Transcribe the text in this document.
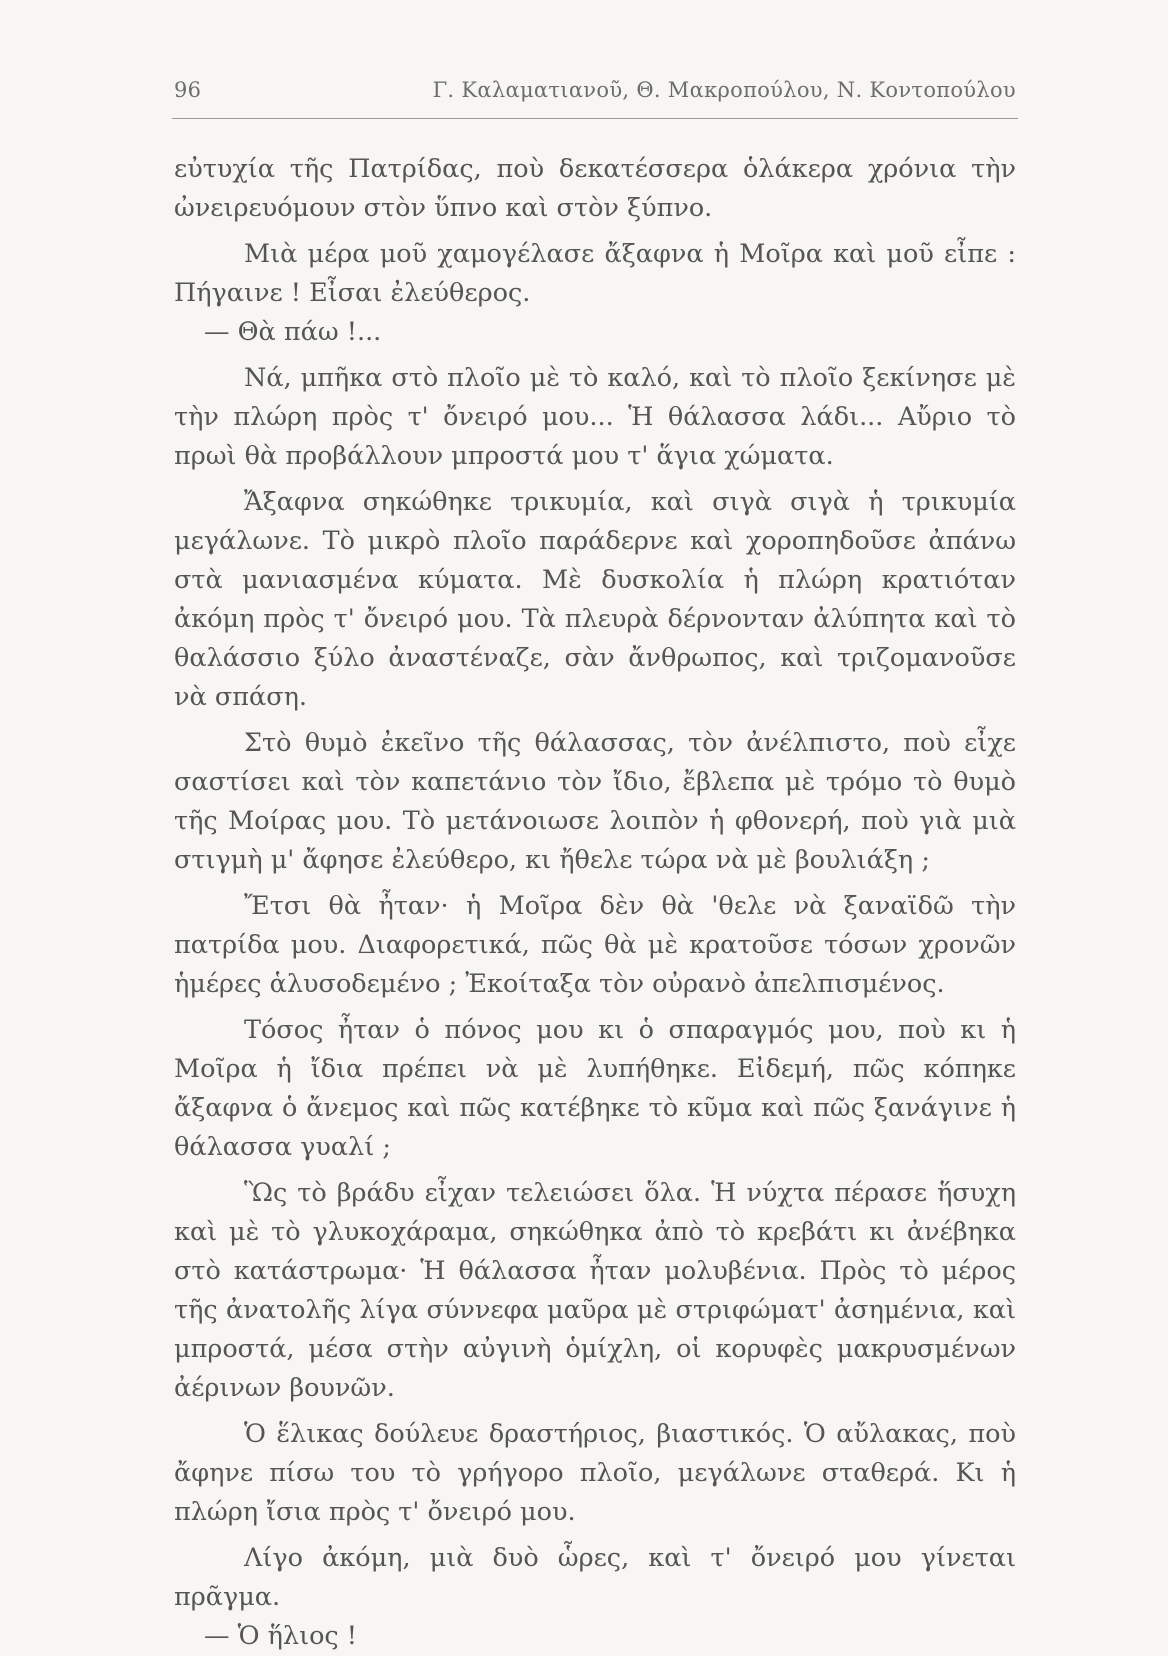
96	Γ. Καλαματιανοῦ, Θ. Μακροπούλου, Ν. Κοντοπούλου

εὐτυχία τῆς Πατρίδας, ποὺ δεκατέσσερα ὁλάκερα χρόνια τὴν ὠνειρευόμουν στὸν ὕπνο καὶ στὸν ξύπνο.

Μιὰ μέρα μοῦ χαμογέλασε ἄξαφνα ἡ Μοῖρα καὶ μοῦ εἶπε : Πήγαινε ! Εἶσαι ἐλεύθερος.

— Θὰ πάω !...

Νά, μπῆκα στὸ πλοῖο μὲ τὸ καλό, καὶ τὸ πλοῖο ξεκίνησε μὲ τὴν πλώρη πρὸς τ' ὄνειρό μου... Ἡ θάλασσα λάδι... Αὔριο τὸ πρωὶ θὰ προβάλλουν μπροστά μου τ' ἅγια χώματα.

Ἄξαφνα σηκώθηκε τρικυμία, καὶ σιγὰ σιγὰ ἡ τρικυμία μεγάλωνε. Τὸ μικρὸ πλοῖο παράδερνε καὶ χοροπηδοῦσε ἀπάνω στὰ μανιασμένα κύματα. Μὲ δυσκολία ἡ πλώρη κρατιόταν ἀκόμη πρὸς τ' ὄνειρό μου. Τὰ πλευρὰ δέρνονταν ἀλύπητα καὶ τὸ θαλάσσιο ξύλο ἀναστέναζε, σὰν ἄνθρωπος, καὶ τριζομανοῦσε νὰ σπάση.

Στὸ θυμὸ ἐκεῖνο τῆς θάλασσας, τὸν ἀνέλπιστο, ποὺ εἶχε σαστίσει καὶ τὸν καπετάνιο τὸν ἴδιο, ἔβλεπα μὲ τρόμο τὸ θυμὸ τῆς Μοίρας μου. Τὸ μετάνοιωσε λοιπὸν ἡ φθονερή, ποὺ γιὰ μιὰ στιγμὴ μ' ἄφησε ἐλεύθερο, κι ἤθελε τώρα νὰ μὲ βουλιάξη ;

Ἔτσι θὰ ἦταν· ἡ Μοῖρα δὲν θὰ 'θελε νὰ ξαναϊδῶ τὴν πατρίδα μου. Διαφορετικά, πῶς θὰ μὲ κρατοῦσε τόσων χρονῶν ἡμέρες ἁλυσοδεμένο ; Ἐκοίταξα τὸν οὐρανὸ ἀπελπισμένος.

Τόσος ἦταν ὁ πόνος μου κι ὁ σπαραγμός μου, ποὺ κι ἡ Μοῖρα ἡ ἴδια πρέπει νὰ μὲ λυπήθηκε. Εἰδεμή, πῶς κόπηκε ἄξαφνα ὁ ἄνεμος καὶ πῶς κατέβηκε τὸ κῦμα καὶ πῶς ξανάγινε ἡ θάλασσα γυαλί ;

Ὣς τὸ βράδυ εἶχαν τελειώσει ὅλα. Ἡ νύχτα πέρασε ἥσυχη καὶ μὲ τὸ γλυκοχάραμα, σηκώθηκα ἀπὸ τὸ κρεβάτι κι ἀνέβηκα στὸ κατάστρωμα· Ἡ θάλασσα ἦταν μολυβένια. Πρὸς τὸ μέρος τῆς ἀνατολῆς λίγα σύννεφα μαῦρα μὲ στριφώματ' ἀσημένια, καὶ μπροστά, μέσα στὴν αὐγινὴ ὁμίχλη, οἱ κορυφὲς μακρυσμένων ἀέρινων βουνῶν.

Ὁ ἕλικας δούλευε δραστήριος, βιαστικός. Ὁ αὔλακας, ποὺ ἄφηνε πίσω του τὸ γρήγορο πλοῖο, μεγάλωνε σταθερά. Κι ἡ πλώρη ἴσια πρὸς τ' ὄνειρό μου.

Λίγο ἀκόμη, μιὰ δυὸ ὧρες, καὶ τ' ὄνειρό μου γίνεται πρᾶγμα.

— Ὁ ἥλιος !
